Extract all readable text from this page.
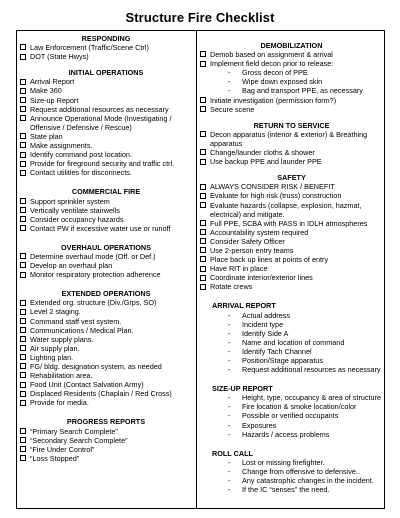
Structure Fire Checklist
RESPONDING
Law Enforcement (Traffic/Scene Ctrl)
DOT (State Hwys)
INITIAL OPERATIONS
Arrival Report
Make 360
Size-up Report
Request additional resources as necessary
Announce Operational Mode (Investigating / Offensive / Defensive / Rescue)
State plan
Make assignments.
Identify command post location.
Provide for fireground security and traffic ctrl.
Contact utilities for disconnects.
COMMERCIAL FIRE
Support sprinkler system
Vertically ventilate stairwells
Consider occupancy hazards
Contact PW if excessive water use or runoff
OVERHAUL OPERATIONS
Determine overhaul mode (Off. or Def.)
Develop an overhaul plan
Monitor respiratory protection adherence
EXTENDED OPERATIONS
Extended org. structure (Div./Grps, SO)
Level 2 staging.
Command staff vest system.
Communications / Medical Plan.
Water supply plans.
Air supply plan.
Lighting plan.
FG/ bldg. designation system, as needed
Rehabilitation area.
Food Unit (Contact Salvation Army)
Displaced Residents (Chaplain / Red Cross)
Provide for media.
PROGRESS REPORTS
“Primary Search Complete”
“Secondary Search Complete”
“Fire Under Control”
“Loss Stopped”
DEMOBILIZATION
Demob based on assignment & arrival
Implement field decon prior to release:
-	Gross decon of PPE
-	Wipe down exposed skin
-	Bag and transport PPE, as necessary
Initiate investigation (permission form?)
Secure scene
RETURN TO SERVICE
Decon apparatus (interior & exterior) & Breathing apparatus
Change/launder cloths & shower
Use backup PPE and launder PPE
SAFETY
ALWAYS CONSIDER RISK / BENEFIT
Evaluate for high risk (truss) construction
Evaluate hazards (collapse, explosion, hazmat, electrical) and mitigate.
Full PPE, SCBA with PASS in IDLH atmospheres
Accountability system required
Consider Safety Officer
Use 2-person entry teams
Place back up lines at points of entry
Have RIT in place
Coordinate interior/exterior lines
Rotate crews
ARRIVAL REPORT
-	Actual address
-	Incident type
-	Identify Side A
-	Name and location of command
-	Identify Tach Channel
-	Position/Stage apparatus
-	Request additional resources as necessary
SIZE-UP REPORT
-	Height, type, occupancy & area of structure
-	Fire location & smoke location/color
-	Possible or verified occupants
-	Exposures
-	Hazards / access problems
ROLL CALL
-	Lost or missing firefighter.
-	Change from offensive to defensive..
-	Any catastrophic changes in the incident.
-	If the IC “senses” the need.
